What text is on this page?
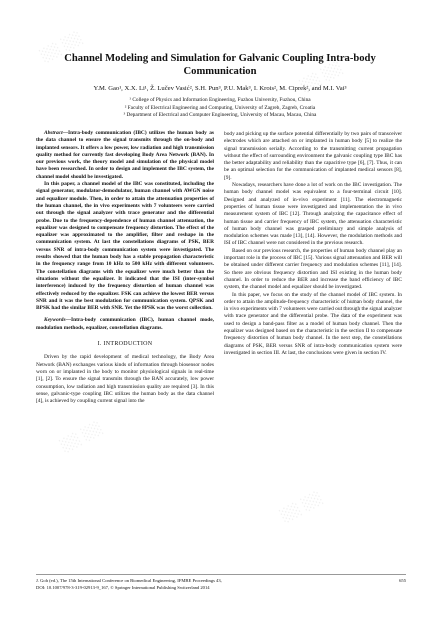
░░ ░░
░░ ░░
░░ ░░
░░ ░░
░░ ░░
░░ ░░
Channel Modeling and Simulation for Galvanic Coupling Intra-body Communication
Y.M. Gao¹, X.X. Li¹, Ž. Lučev Vasić², S.H. Pun³, P.U. Mak³, I. Krois², M. Ciprek², and M.I. Vai³
¹ College of Physics and Information Engineering, Fuzhou University, Fuzhou, China
² Faculty of Electrical Engineering and Computing, University of Zagreb, Zagreb, Croatia
³ Department of Electrical and Computer Engineering, University of Macau, Macau, China

Abstract—Intra-body communication (IBC) utilizes the human body as the data channel to ensure the signal transmits through the on-body and implanted sensors. It offers a low power, low radiation and high transmission quality method for currently fast developing Body Area Network (BAN). In our previous work, the theory model and simulation of the physical model have been researched. In order to design and implement the IBC system, the channel model should be investigated.

In this paper, a channel model of the IBC was constituted, including the signal generator, modulator-demodulator, human channel with AWGN noise and equalizer module. Then, in order to attain the attenuation properties of the human channel, the in vivo experiments with 7 volunteers were carried out through the signal analyzer with trace generator and the differential probe. Due to the frequency-dependence of human channel attenuation, the equalizer was designed to compensate frequency distortion. The effect of the equalizer was approximated to the amplifier, filter and reshape in the communication system. At last the constellations diagrams of PSK, BER versus SNR of intra-body communication system were investigated. The results showed that the human body has a stable propagation characteristic in the frequency range from 10 kHz to 500 kHz with different volunteers. The constellation diagrams with the equalizer were much better than the situations without the equalizer. It indicated that the ISI (inter-symbol interference) induced by the frequency distortion of human channel was effectively reduced by the equalizer. FSK can achieve the lowest BER versus SNR and it was the best modulation for communication system. QPSK and BPSK had the similar BER with SNR. Yet the 8PSK was the worst collection.

Keywords—Intra-body communication (IBC), human channel mode, modulation methods, equalizer, constellation diagrams.

I. INTRODUCTION

Driven by the rapid development of medical technology, the Body Area Network (BAN) exchanges various kinds of information through biosensor nodes worn on or implanted in the body to monitor physiological signals in real-time [1], [2]. To ensure the signal transmits through the BAN accurately, low power consumption, low radiation and high transmission quality are required [3]. In this sense, galvanic-type coupling IBC utilizes the human body as the data channel [4], is achieved by coupling current signal into the

body and picking up the surface potential differentially by two pairs of transceiver electrodes which are attached on or implanted in human body [5] to realize the signal transmission serially. According to the transmitting current propagation without the effect of surrounding environment the galvanic coupling type IBC has the better adaptability and reliability than the capacitive type [6], [7]. Thus, it can be an optimal selection for the communication of implanted medical sensors [8], [9].

Nowadays, researchers have done a lot of work on the IBC investigation. The human body channel model was equivalent to a four-terminal circuit [10]. Designed and analyzed of in-vivo experiment [11]. The electromagnetic properties of human tissue were investigated and implementation the in vivo measurement system of IBC [12]. Through analyzing the capacitance effect of human tissue and carrier frequency of IBC system, the attenuation characteristic of human body channel was grasped preliminary and simple analysis of modulation schemes was made [13], [14]. However, the modulation methods and ISI of IBC channel were not considered in the previous research.

Based on our previous research, the properties of human body channel play an important role in the process of IBC [15]. Various signal attenuation and BER will be obtained under different carrier frequency and modulation schemes [11], [14]. So there are obvious frequency distortion and ISI existing in the human body channel. In order to reduce the BER and increase the band efficiency of IBC system, the channel model and equalizer should be investigated.

In this paper, we focus on the study of the channel model of IBC system. In order to attain the amplitude-frequency characteristic of human body channel, the in vivo experiments with 7 volunteers were carried out through the signal analyzer with trace generator and the differential probe. The data of the experiment was used to design a band-pass filter as a model of human body channel. Then the equalizer was designed based on the characteristic in the section II to compensate frequency distortion of human body channel. In the next step, the constellations diagrams of PSK, BER versus SNR of intra-body communication system were investigated in section III. At last, the conclusions were given in section IV.

J. Goh (ed.), The 15th International Conference on Biomedical Engineering, IFMBE Proceedings 43,
DOI: 10.1007/978-3-319-02913-9_167, © Springer International Publishing Switzerland 2014
655
